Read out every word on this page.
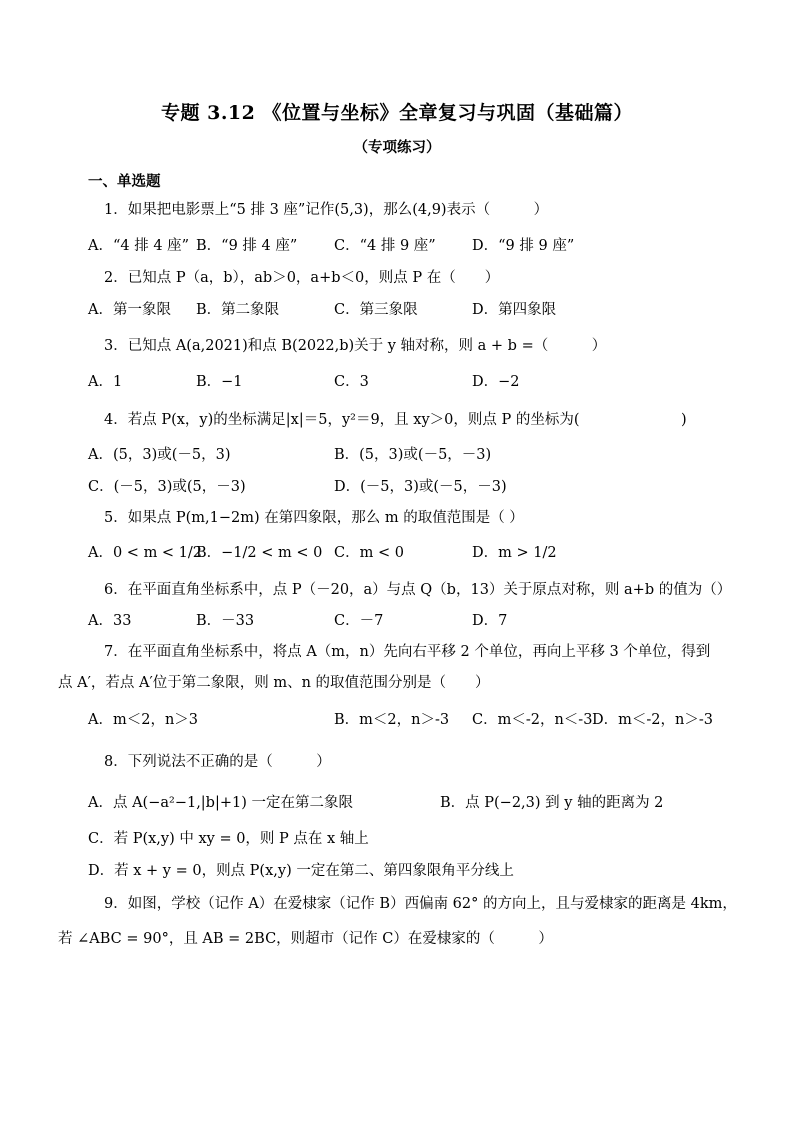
专题 3.12 《位置与坐标》全章复习与巩固（基础篇）
（专项练习）
一、单选题
1．如果把电影票上“5 排 3 座”记作(5,3)，那么(4,9)表示（　　　）
A．“4 排 4 座” B．“9 排 4 座”	C．“4 排 9 座”	D．“9 排 9 座”
2．已知点 P（a，b），ab＞0，a+b＜0，则点 P 在（　　）
A．第一象限 B．第二象限	C．第三象限	D．第四象限
3．已知点 A(a,2021)和点 B(2022,b)关于 y 轴对称，则 a + b =（　　　）
A．1	B．−1	C．3	D．−2
4．若点 P(x，y)的坐标满足|x|＝5，y²＝9，且 xy＞0，则点 P 的坐标为(　　　　　　　)
A．(5，3)或(－5，3)	B．(5，3)或(－5，－3)
C．(－5，3)或(5，－3)	D．(－5，3)或(－5，－3)
5．如果点 P(m,1−2m) 在第四象限，那么 m 的取值范围是（ ）
A．0 < m < 1/2
B．−1/2 < m < 0 C．m < 0	D．m > 1/2
6．在平面直角坐标系中，点 P（－20，a）与点 Q（b，13）关于原点对称，则 a+b 的值为（）
A．33	B．－33	C．－7	D．7
7．在平面直角坐标系中，将点 A（m，n）先向右平移 2 个单位，再向上平移 3 个单位，得到
点 A′，若点 A′位于第二象限，则 m、n 的取值范围分别是（　　）
A．m＜2，n＞3	B．m＜2，n＞-3 C．m＜-2，n＜-3 D．m＜-2，n＞-3
8．下列说法不正确的是（　　　）
A．点 A(−a²−1,|b|+1) 一定在第二象限	B．点 P(−2,3) 到 y 轴的距离为 2
C．若 P(x,y) 中 xy = 0，则 P 点在 x 轴上
D．若 x + y = 0，则点 P(x,y) 一定在第二、第四象限角平分线上
9．如图，学校（记作 A）在爱棣家（记作 B）西偏南 62° 的方向上，且与爱棣家的距离是 4km，
若 ∠ABC = 90°，且 AB = 2BC，则超市（记作 C）在爱棣家的（　　　）
